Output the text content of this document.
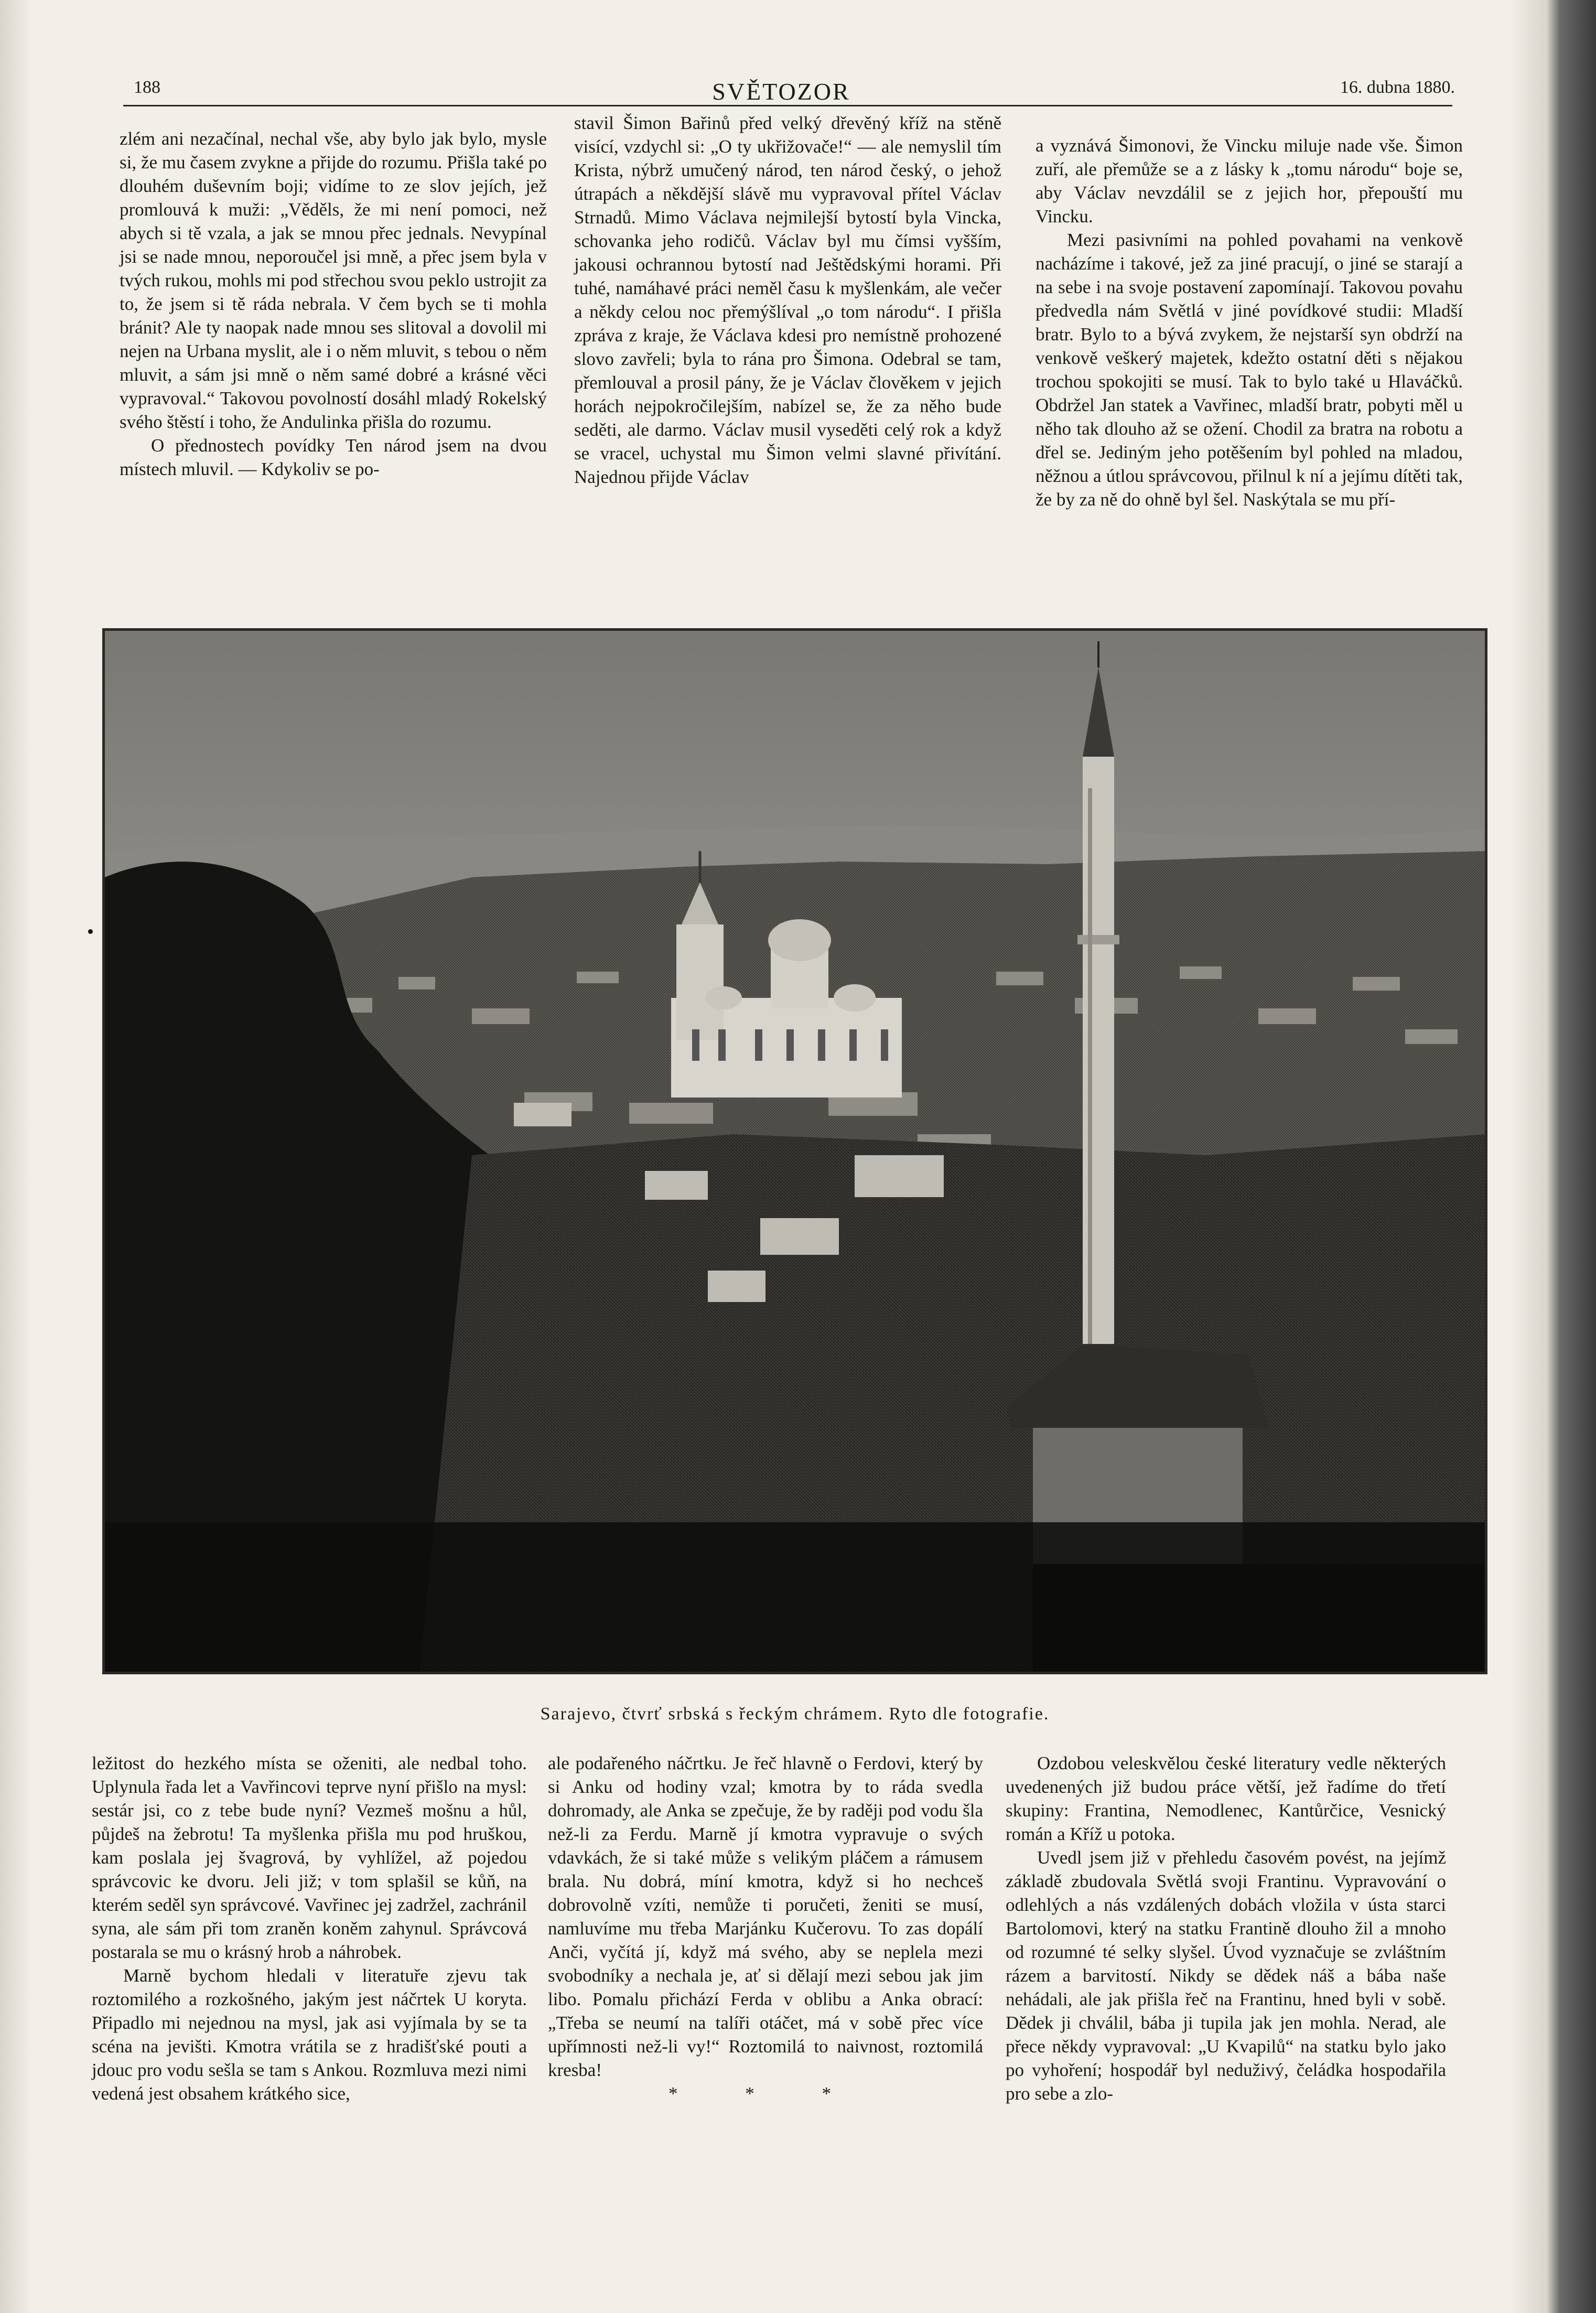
188	SVĚTOZOR	16. dubna 1880.

zlém ani nezačínal, nechal vše, aby bylo jak bylo, mysle si, že mu časem zvykne a přijde do rozumu. Přišla také po dlouhém duševním boji; vidíme to ze slov jejích, jež promlouvá k muži: „Věděls, že mi není pomoci, než abych si tě vzala, a jak se mnou přec jednals. Nevypínal jsi se nade mnou, neporoučel jsi mně, a přec jsem byla v tvých rukou, mohls mi pod střechou svou peklo ustrojit za to, že jsem si tě ráda nebrala. V čem bych se ti mohla bránit? Ale ty naopak nade mnou ses slitoval a dovolil mi nejen na Urbana myslit, ale i o něm mluvit, s tebou o něm mluvit, a sám jsi mně o něm samé dobré a krásné věci vypravoval.“ Takovou povolností dosáhl mladý Rokelský svého štěstí i toho, že Andulinka přišla do rozumu.

O přednostech povídky Ten národ jsem na dvou místech mluvil. — Kdykoliv se po-

stavil Šimon Bařinů před velký dřevěný kříž na stěně visící, vzdychl si: „O ty ukřižovače!“ — ale nemyslil tím Krista, nýbrž umučený národ, ten národ český, o jehož útrapách a někdější slávě mu vypravoval přítel Václav Strnadů. Mimo Václava nejmilejší bytostí byla Vincka, schovanka jeho rodičů. Václav byl mu čímsi vyšším, jakousi ochrannou bytostí nad Ještědskými horami. Při tuhé, namáhavé práci neměl času k myšlenkám, ale večer a někdy celou noc přemýšlíval „o tom národu“. I přišla zpráva z kraje, že Václava kdesi pro nemístně prohozené slovo zavřeli; byla to rána pro Šimona. Odebral se tam, přemlouval a prosil pány, že je Václav člověkem v jejich horách nejpokročilejším, nabízel se, že za něho bude seděti, ale darmo. Václav musil vyseděti celý rok a když se vracel, uchystal mu Šimon velmi slavné přivítání. Najednou přijde Václav

a vyznává Šimonovi, že Vincku miluje nade vše. Šimon zuří, ale přemůže se a z lásky k „tomu národu“ boje se, aby Václav nevzdálil se z jejich hor, přepouští mu Vincku.

Mezi pasivními na pohled povahami na venkově nacházíme i takové, jež za jiné pracují, o jiné se starají a na sebe i na svoje postavení zapomínají. Takovou povahu předvedla nám Světlá v jiné povídkové studii: Mladší bratr. Bylo to a bývá zvykem, že nejstarší syn obdrží na venkově veškerý majetek, kdežto ostatní děti s nějakou trochou spokojiti se musí. Tak to bylo také u Hlaváčků. Obdržel Jan statek a Vavřinec, mladší bratr, pobyti měl u něho tak dlouho až se ožení. Chodil za bratra na robotu a dřel se. Jediným jeho potěšením byl pohled na mladou, něžnou a útlou správcovou, přilnul k ní a jejímu dítěti tak, že by za ně do ohně byl šel. Naskýtala se mu pří-

Sarajevo, čtvrť srbská s řeckým chrámem. Ryto dle fotografie.

ležitost do hezkého místa se oženiti, ale nedbal toho. Uplynula řada let a Vavřincovi teprve nyní přišlo na mysl: sestár jsi, co z tebe bude nyní? Vezmeš mošnu a hůl, půjdeš na žebrotu! Ta myšlenka přišla mu pod hruškou, kam poslala jej švagrová, by vyhlížel, až pojedou správcovic ke dvoru. Jeli již; v tom splašil se kůň, na kterém seděl syn správcové. Vavřinec jej zadržel, zachránil syna, ale sám při tom zraněn koněm zahynul. Správcová postarala se mu o krásný hrob a náhrobek.

Marně bychom hledali v literatuře zjevu tak roztomilého a rozkošného, jakým jest náčrtek U koryta. Připadlo mi nejednou na mysl, jak asi vyjímala by se ta scéna na jevišti. Kmotra vrátila se z hradišťské pouti a jdouc pro vodu sešla se tam s Ankou. Rozmluva mezi nimi vedená jest obsahem krátkého sice,

ale podařeného náčrtku. Je řeč hlavně o Ferdovi, který by si Anku od hodiny vzal; kmotra by to ráda svedla dohromady, ale Anka se zpečuje, že by raději pod vodu šla než-li za Ferdu. Marně jí kmotra vypravuje o svých vdavkách, že si také může s velikým pláčem a rámusem brala. Nu dobrá, míní kmotra, když si ho nechceš dobrovolně vzíti, nemůže ti poručeti, ženiti se musí, namluvíme mu třeba Marjánku Kučerovu. To zas dopálí Anči, vyčítá jí, když má svého, aby se neplela mezi svobodníky a nechala je, ať si dělají mezi sebou jak jim libo. Pomalu přichází Ferda v oblibu a Anka obrací: „Třeba se neumí na talíři otáčet, má v sobě přec více upřímnosti než-li vy!“ Roztomilá to naivnost, roztomilá kresba!

* * *

Ozdobou veleskvělou české literatury vedle některých uvedenených již budou práce větší, jež řadíme do třetí skupiny: Frantina, Nemodlenec, Kantůrčice, Vesnický román a Kříž u potoka.

Uvedl jsem již v přehledu časovém povést, na jejímž základě zbudovala Světlá svoji Frantinu. Vypravování o odlehlých a nás vzdálených dobách vložila v ústa starci Bartolomovi, který na statku Frantině dlouho žil a mnoho od rozumné té selky slyšel. Úvod vyznačuje se zvláštním rázem a barvitostí. Nikdy se dědek náš a bába naše nehádali, ale jak přišla řeč na Frantinu, hned byli v sobě. Dědek ji chválil, bába ji tupila jak jen mohla. Nerad, ale přece někdy vypravoval: „U Kvapilů“ na statku bylo jako po vyhoření; hospodář byl neduživý, čeládka hospodařila pro sebe a zlo-
